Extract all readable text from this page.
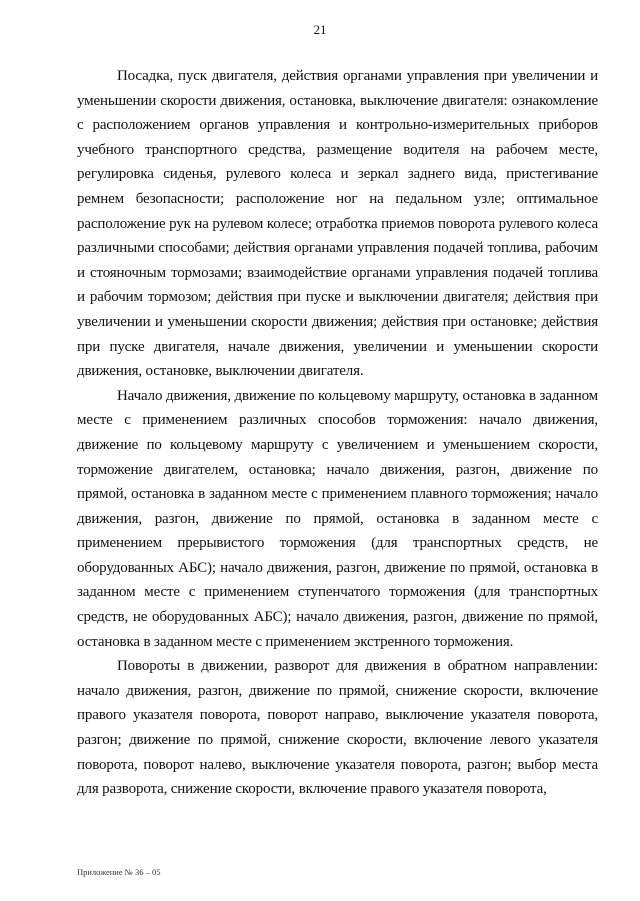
21

Посадка, пуск двигателя, действия органами управления при увеличении и уменьшении скорости движения, остановка, выключение двигателя: ознакомление с расположением органов управления и контрольно-измерительных приборов учебного транспортного средства, размещение водителя на рабочем месте, регулировка сиденья, рулевого колеса и зеркал заднего вида, пристегивание ремнем безопасности; расположение ног на педальном узле; оптимальное расположение рук на рулевом колесе; отработка приемов поворота рулевого колеса различными способами; действия органами управления подачей топлива, рабочим и стояночным тормозами; взаимодействие органами управления подачей топлива и рабочим тормозом; действия при пуске и выключении двигателя; действия при увеличении и уменьшении скорости движения; действия при остановке; действия при пуске двигателя, начале движения, увеличении и уменьшении скорости движения, остановке, выключении двигателя.

Начало движения, движение по кольцевому маршруту, остановка в заданном месте с применением различных способов торможения: начало движения, движение по кольцевому маршруту с увеличением и уменьшением скорости, торможение двигателем, остановка; начало движения, разгон, движение по прямой, остановка в заданном месте с применением плавного торможения; начало движения, разгон, движение по прямой, остановка в заданном месте с применением прерывистого торможения (для транспортных средств, не оборудованных АБС); начало движения, разгон, движение по прямой, остановка в заданном месте с применением ступенчатого торможения (для транспортных средств, не оборудованных АБС); начало движения, разгон, движение по прямой, остановка в заданном месте с применением экстренного торможения.

Повороты в движении, разворот для движения в обратном направлении: начало движения, разгон, движение по прямой, снижение скорости, включение правого указателя поворота, поворот направо, выключение указателя поворота, разгон; движение по прямой, снижение скорости, включение левого указателя поворота, поворот налево, выключение указателя поворота, разгон; выбор места для разворота, снижение скорости, включение правого указателя поворота,

Приложение № 36 – 05
